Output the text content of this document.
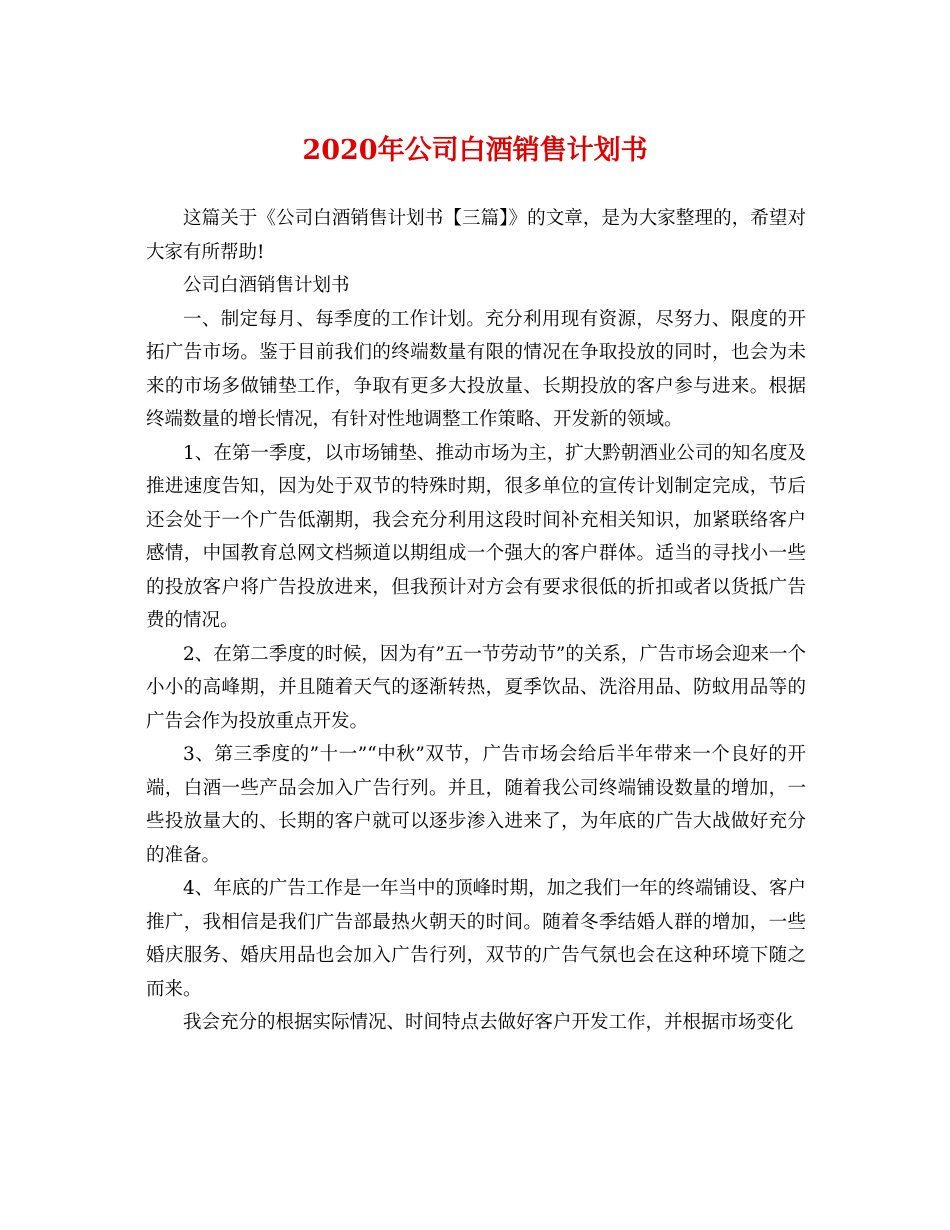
2020年公司白酒销售计划书

这篇关于《公司白酒销售计划书【三篇】》的文章，是为大家整理的，希望对大家有所帮助!

公司白酒销售计划书

一、制定每月、每季度的工作计划。充分利用现有资源，尽努力、限度的开拓广告市场。鉴于目前我们的终端数量有限的情况在争取投放的同时，也会为未来的市场多做铺垫工作，争取有更多大投放量、长期投放的客户参与进来。根据终端数量的增长情况，有针对性地调整工作策略、开发新的领域。

1、在第一季度，以市场铺垫、推动市场为主，扩大黔朝酒业公司的知名度及推进速度告知，因为处于双节的特殊时期，很多单位的宣传计划制定完成，节后还会处于一个广告低潮期，我会充分利用这段时间补充相关知识，加紧联络客户感情，中国教育总网文档频道以期组成一个强大的客户群体。适当的寻找小一些的投放客户将广告投放进来，但我预计对方会有要求很低的折扣或者以货抵广告费的情况。

2、在第二季度的时候，因为有”五一节劳动节”的关系，广告市场会迎来一个小小的高峰期，并且随着天气的逐渐转热，夏季饮品、洗浴用品、防蚊用品等的广告会作为投放重点开发。

3、第三季度的”十一”“中秋”双节，广告市场会给后半年带来一个良好的开端，白酒一些产品会加入广告行列。并且，随着我公司终端铺设数量的增加，一些投放量大的、长期的客户就可以逐步渗入进来了，为年底的广告大战做好充分的准备。

4、年底的广告工作是一年当中的顶峰时期，加之我们一年的终端铺设、客户推广，我相信是我们广告部最热火朝天的时间。随着冬季结婚人群的增加，一些婚庆服务、婚庆用品也会加入广告行列，双节的广告气氛也会在这种环境下随之而来。

我会充分的根据实际情况、时间特点去做好客户开发工作，并根据市场变化
